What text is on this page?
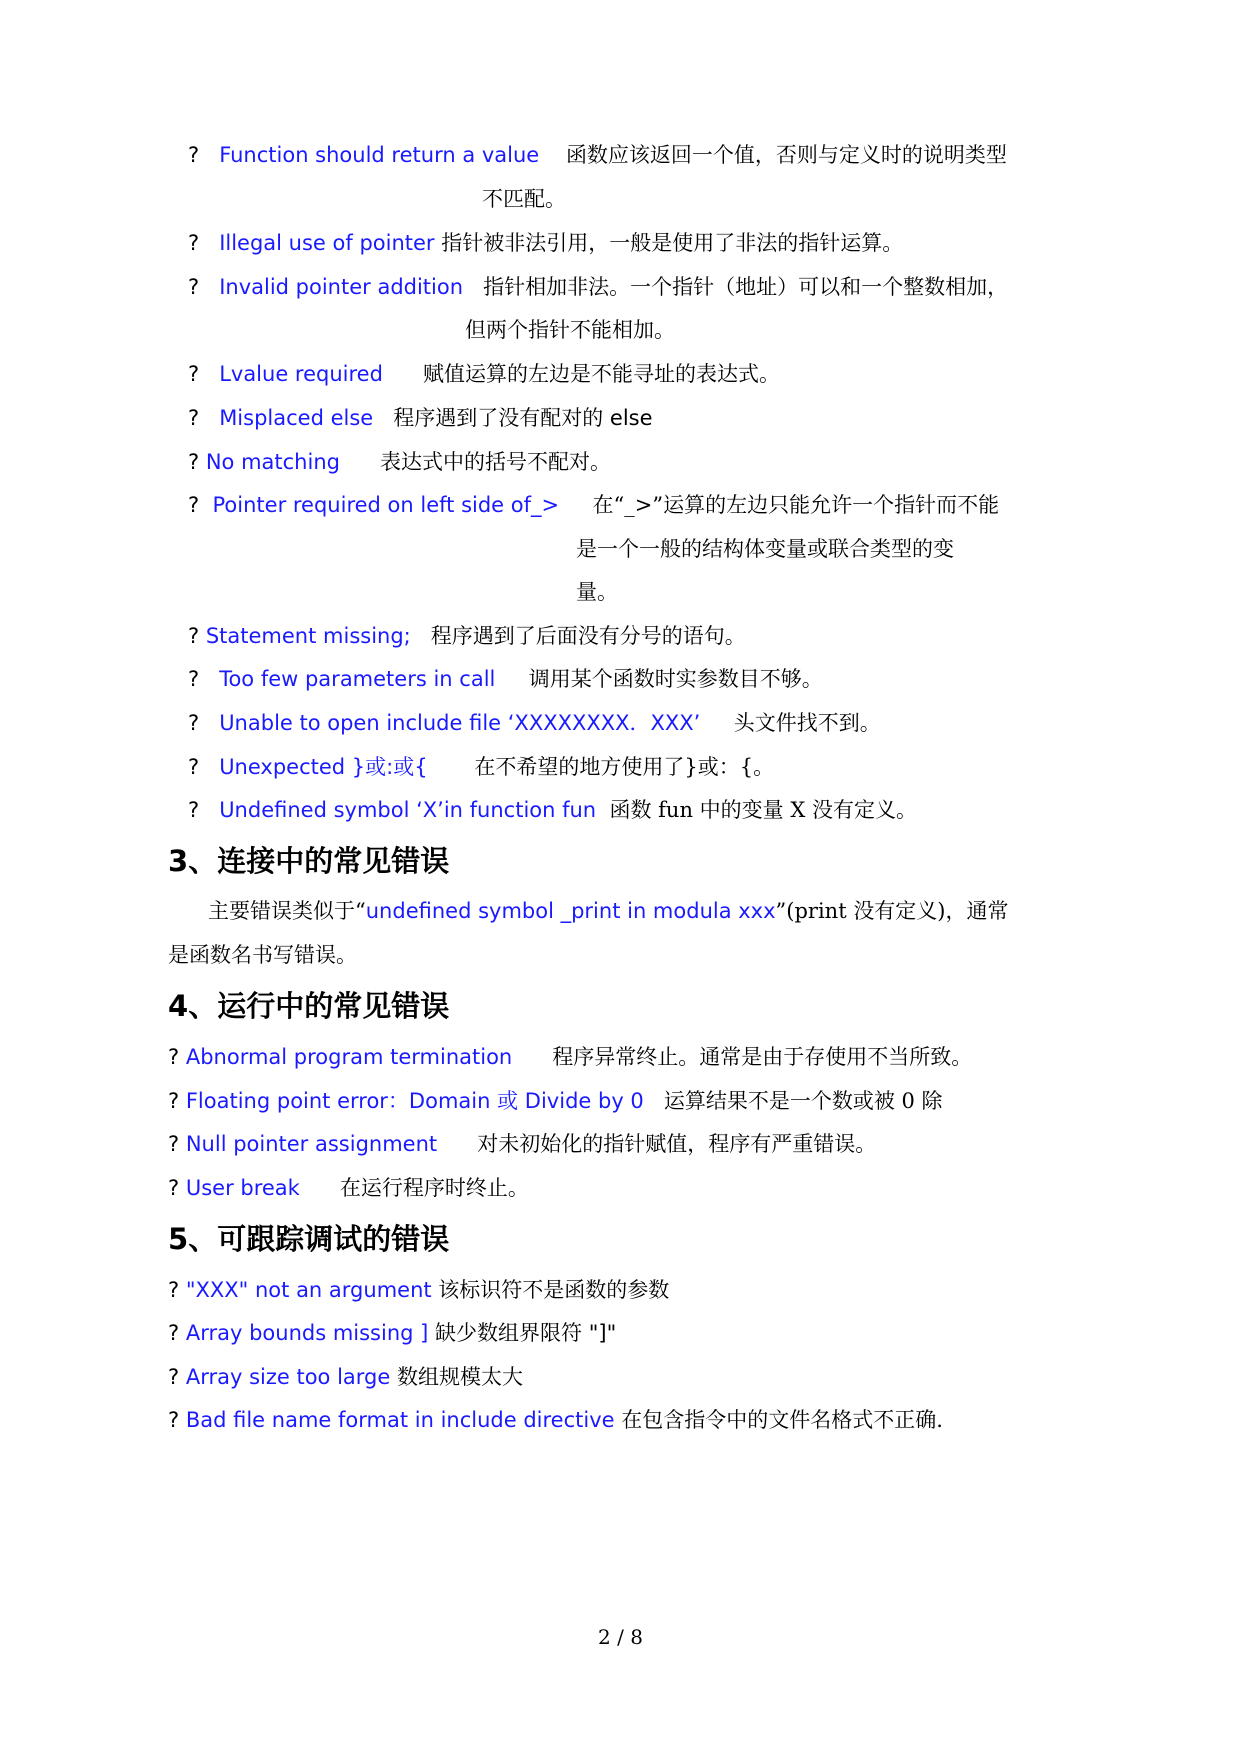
? Function should return a value 函数应该返回一个值，否则与定义时的说明类型
不匹配。
? Illegal use of pointer 指针被非法引用，一般是使用了非法的指针运算。
? Invalid pointer addition 指针相加非法。一个指针（地址）可以和一个整数相加，
但两个指针不能相加。
? Lvalue required 赋值运算的左边是不能寻址的表达式。
? Misplaced else 程序遇到了没有配对的 else
? No matching 表达式中的括号不配对。
? Pointer required on left side of_> 在“_>”运算的左边只能允许一个指针而不能
是一个一般的结构体变量或联合类型的变
量。
? Statement missing; 程序遇到了后面没有分号的语句。
? Too few parameters in call 调用某个函数时实参数目不够。
? Unable to open include file ‘XXXXXXXX．XXX’ 头文件找不到。
? Unexpected }或:或{ 在不希望的地方使用了}或：{。
? Undefined symbol ‘X’in function fun 函数 fun 中的变量 X 没有定义。
3、连接中的常见错误
主要错误类似于“undefined symbol _print in modula xxx”(print 没有定义)，通常
是函数名书写错误。
4、运行中的常见错误
? Abnormal program termination 程序异常终止。通常是由于存使用不当所致。
? Floating point error：Domain 或 Divide by 0 运算结果不是一个数或被 0 除
? Null pointer assignment 对未初始化的指针赋值，程序有严重错误。
? User break 在运行程序时终止。
5、可跟踪调试的错误
? "XXX" not an argument 该标识符不是函数的参数
? Array bounds missing ] 缺少数组界限符 "]"
? Array size too large 数组规模太大
? Bad file name format in include directive 在包含指令中的文件名格式不正确.
2 / 8
